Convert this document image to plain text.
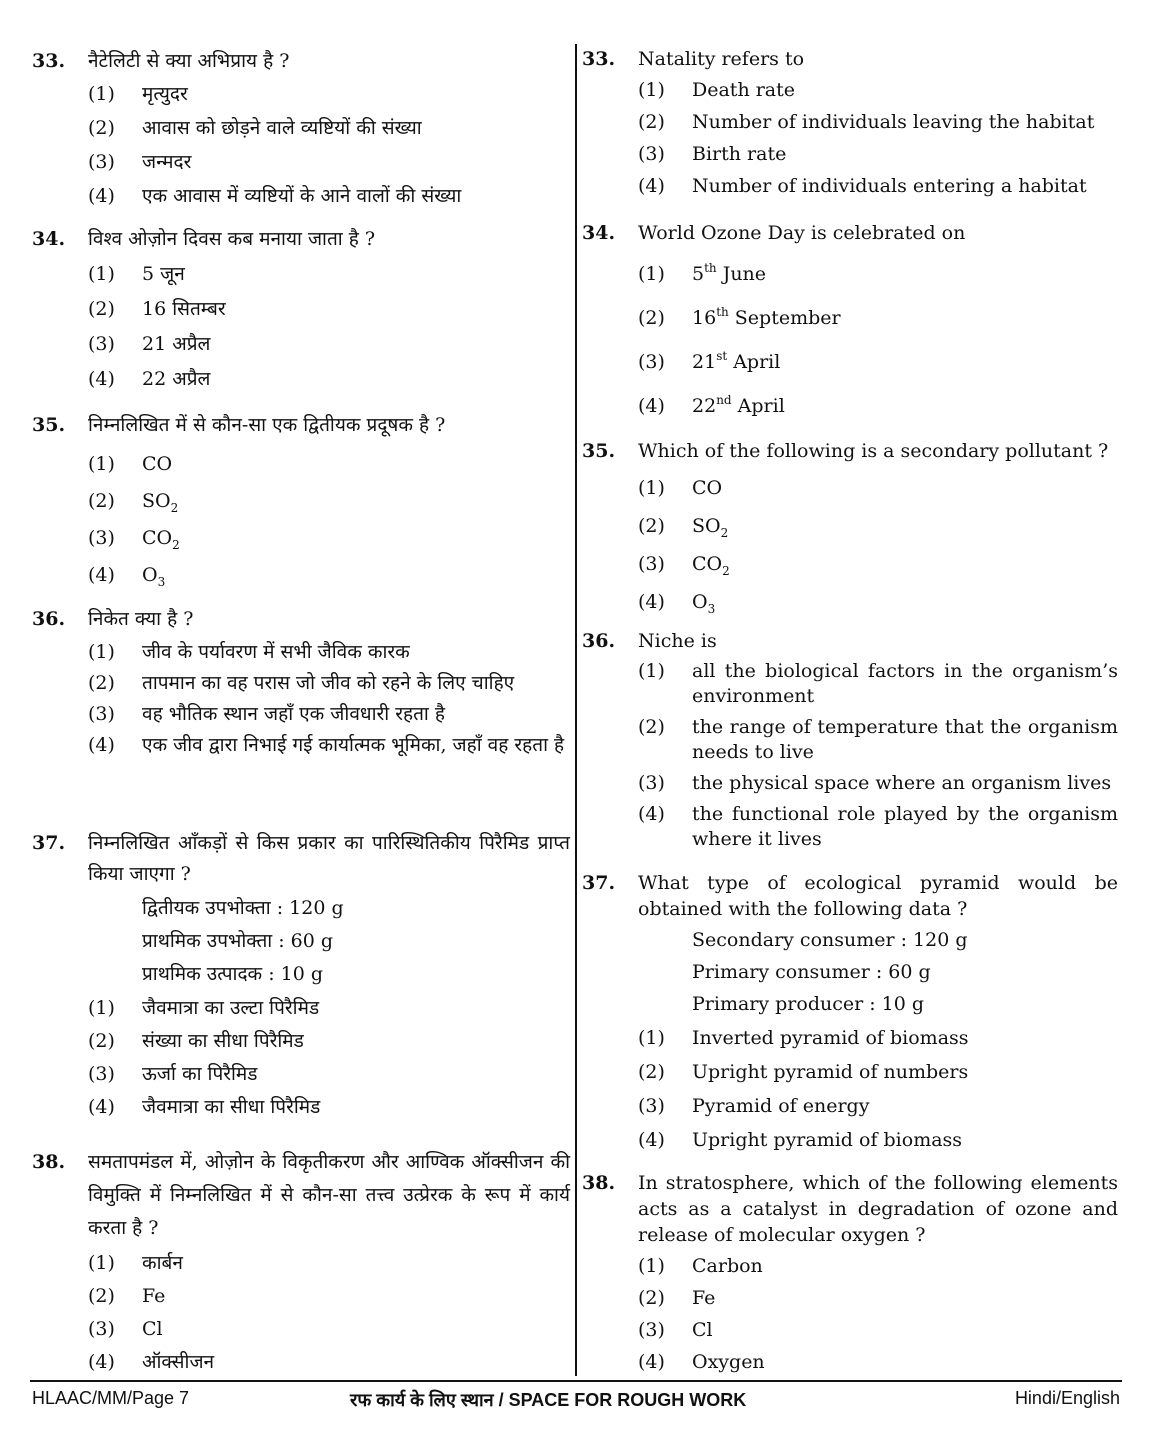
33. नैटेलिटी से क्या अभिप्राय है ?
(1) मृत्युदर
(2) आवास को छोड़ने वाले व्यष्टियों की संख्या
(3) जन्मदर
(4) एक आवास में व्यष्टियों के आने वालों की संख्या
34. विश्व ओज़ोन दिवस कब मनाया जाता है ?
(1) 5 जून
(2) 16 सितम्बर
(3) 21 अप्रैल
(4) 22 अप्रैल
35. निम्नलिखित में से कौन-सा एक द्वितीयक प्रदूषक है ?
(1) CO
(2) $SO_2$
(3) $CO_2$
(4) $O_3$
36. निकेत क्या है ?
(1) जीव के पर्यावरण में सभी जैविक कारक
(2) तापमान का वह परास जो जीव को रहने के लिए चाहिए
(3) वह भौतिक स्थान जहाँ एक जीवधारी रहता है
(4) एक जीव द्वारा निभाई गई कार्यात्मक भूमिका, जहाँ वह रहता है
37. निम्नलिखित आँकड़ों से किस प्रकार का पारिस्थितिकीय पिरैमिड प्राप्त किया जाएगा ?
द्वितीयक उपभोक्ता : 120 g
प्राथमिक उपभोक्ता : 60 g
प्राथमिक उत्पादक : 10 g
(1) जैवमात्रा का उल्टा पिरैमिड
(2) संख्या का सीधा पिरैमिड
(3) ऊर्जा का पिरैमिड
(4) जैवमात्रा का सीधा पिरैमिड
38. समतापमंडल में, ओज़ोन के विकृतीकरण और आण्विक ऑक्सीजन की विमुक्ति में निम्नलिखित में से कौन-सा तत्त्व उत्प्रेरक के रूप में कार्य करता है ?
(1) कार्बन
(2) Fe
(3) Cl
(4) ऑक्सीजन
33. Natality refers to
(1) Death rate
(2) Number of individuals leaving the habitat
(3) Birth rate
(4) Number of individuals entering a habitat
34. World Ozone Day is celebrated on
(1) 5th June
(2) 16th September
(3) 21st April
(4) 22nd April
35. Which of the following is a secondary pollutant ?
(1) CO
(2) $SO_2$
(3) $CO_2$
(4) $O_3$
36. Niche is
(1) all the biological factors in the organism’s environment
(2) the range of temperature that the organism needs to live
(3) the physical space where an organism lives
(4) the functional role played by the organism where it lives
37. What type of ecological pyramid would be obtained with the following data ?
Secondary consumer : 120 g
Primary consumer : 60 g
Primary producer : 10 g
(1) Inverted pyramid of biomass
(2) Upright pyramid of numbers
(3) Pyramid of energy
(4) Upright pyramid of biomass
38. In stratosphere, which of the following elements acts as a catalyst in degradation of ozone and release of molecular oxygen ?
(1) Carbon
(2) Fe
(3) Cl
(4) Oxygen
HLAAC/MM/Page 7	रफ कार्य के लिए स्थान / SPACE FOR ROUGH WORK	Hindi/English
